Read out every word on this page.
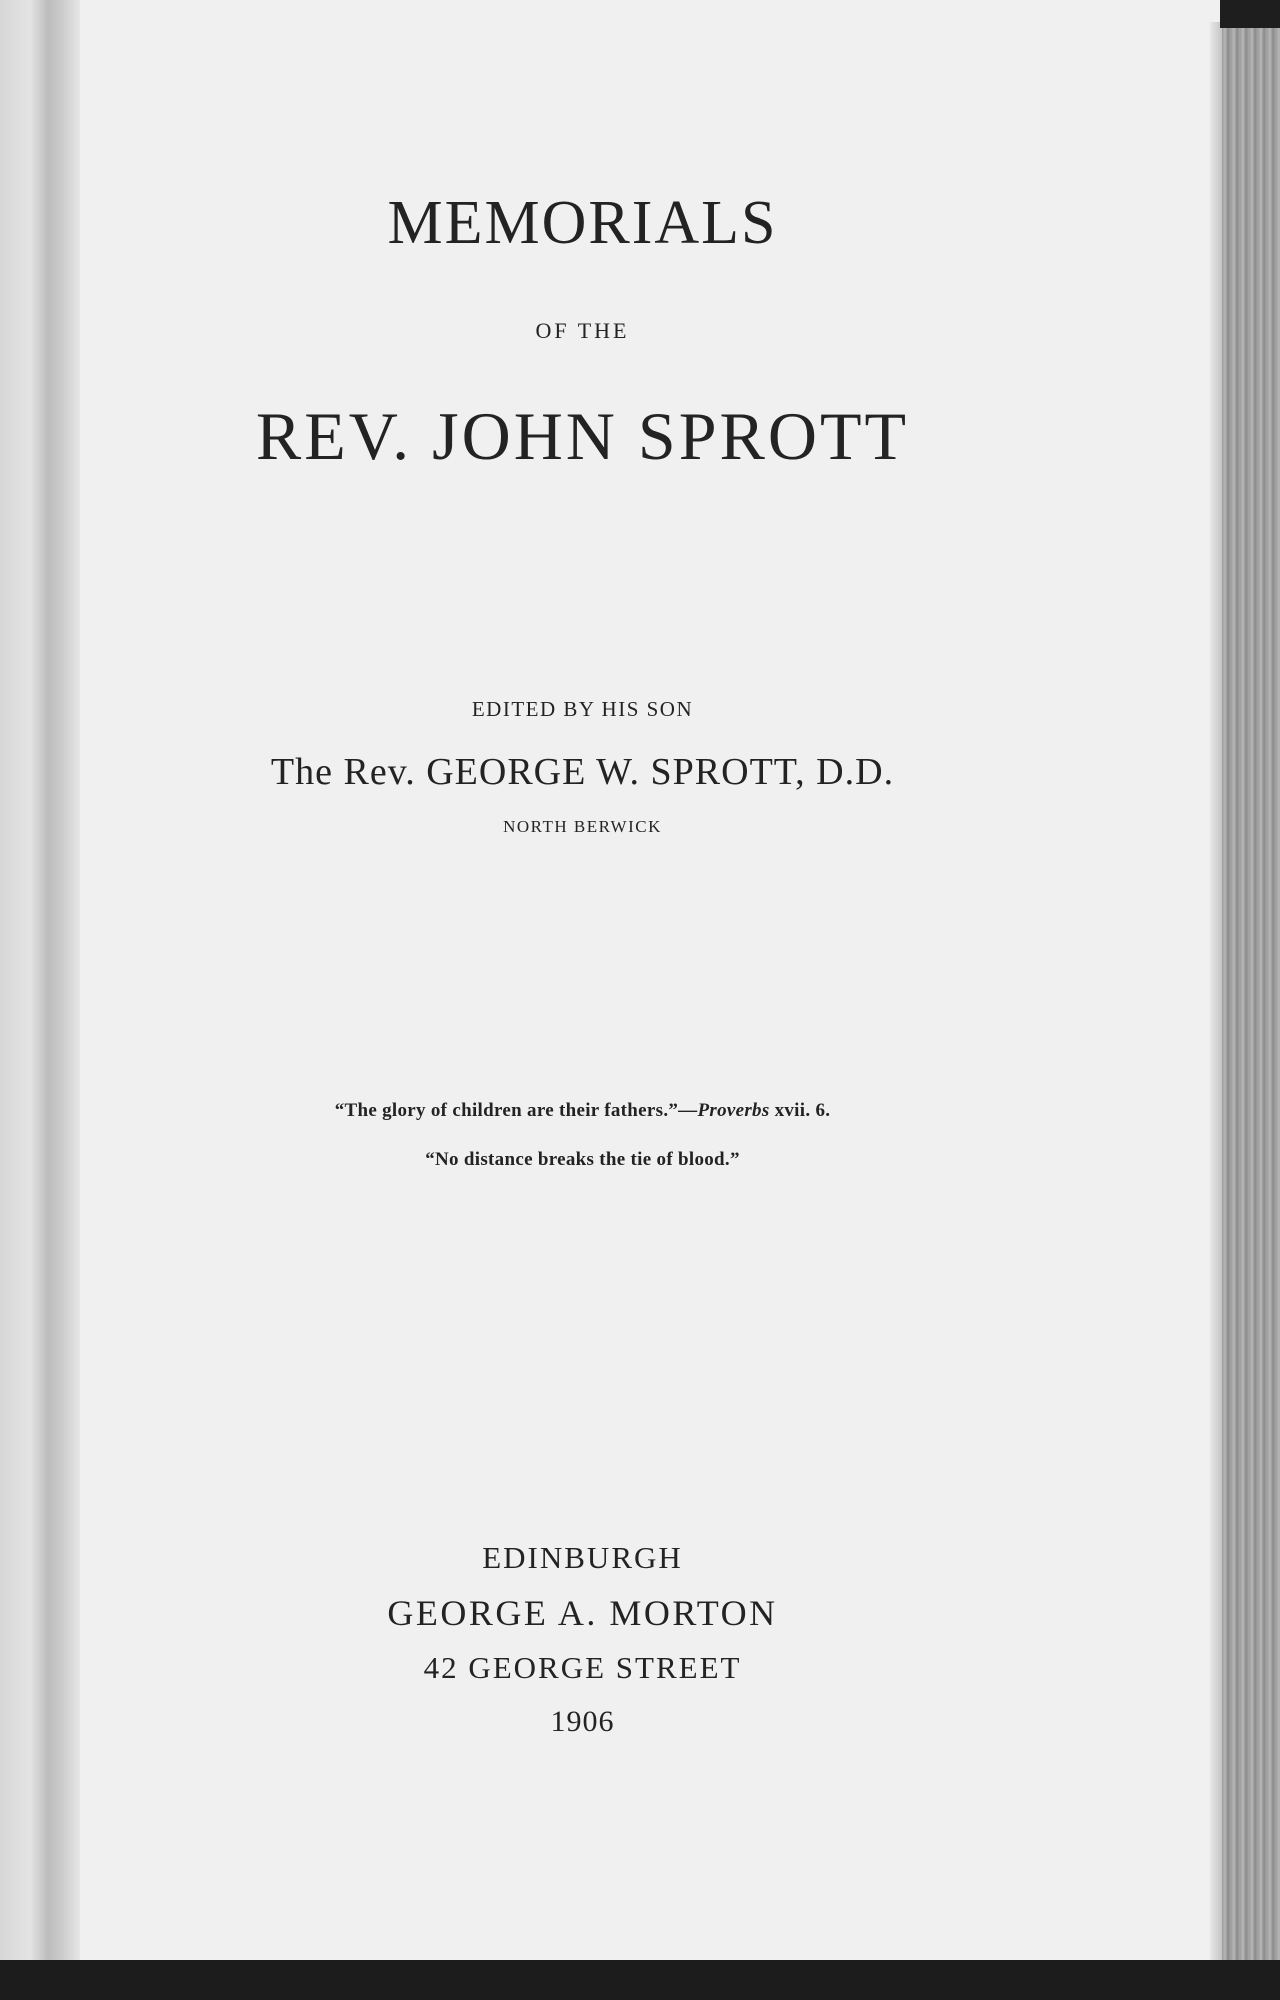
MEMORIALS
OF THE
REV. JOHN SPROTT
EDITED BY HIS SON
The Rev. GEORGE W. SPROTT, D.D.
NORTH BERWICK
“The glory of children are their fathers.”—Proverbs xvii. 6.
“No distance breaks the tie of blood.”
EDINBURGH
GEORGE A. MORTON
42 GEORGE STREET
1906
